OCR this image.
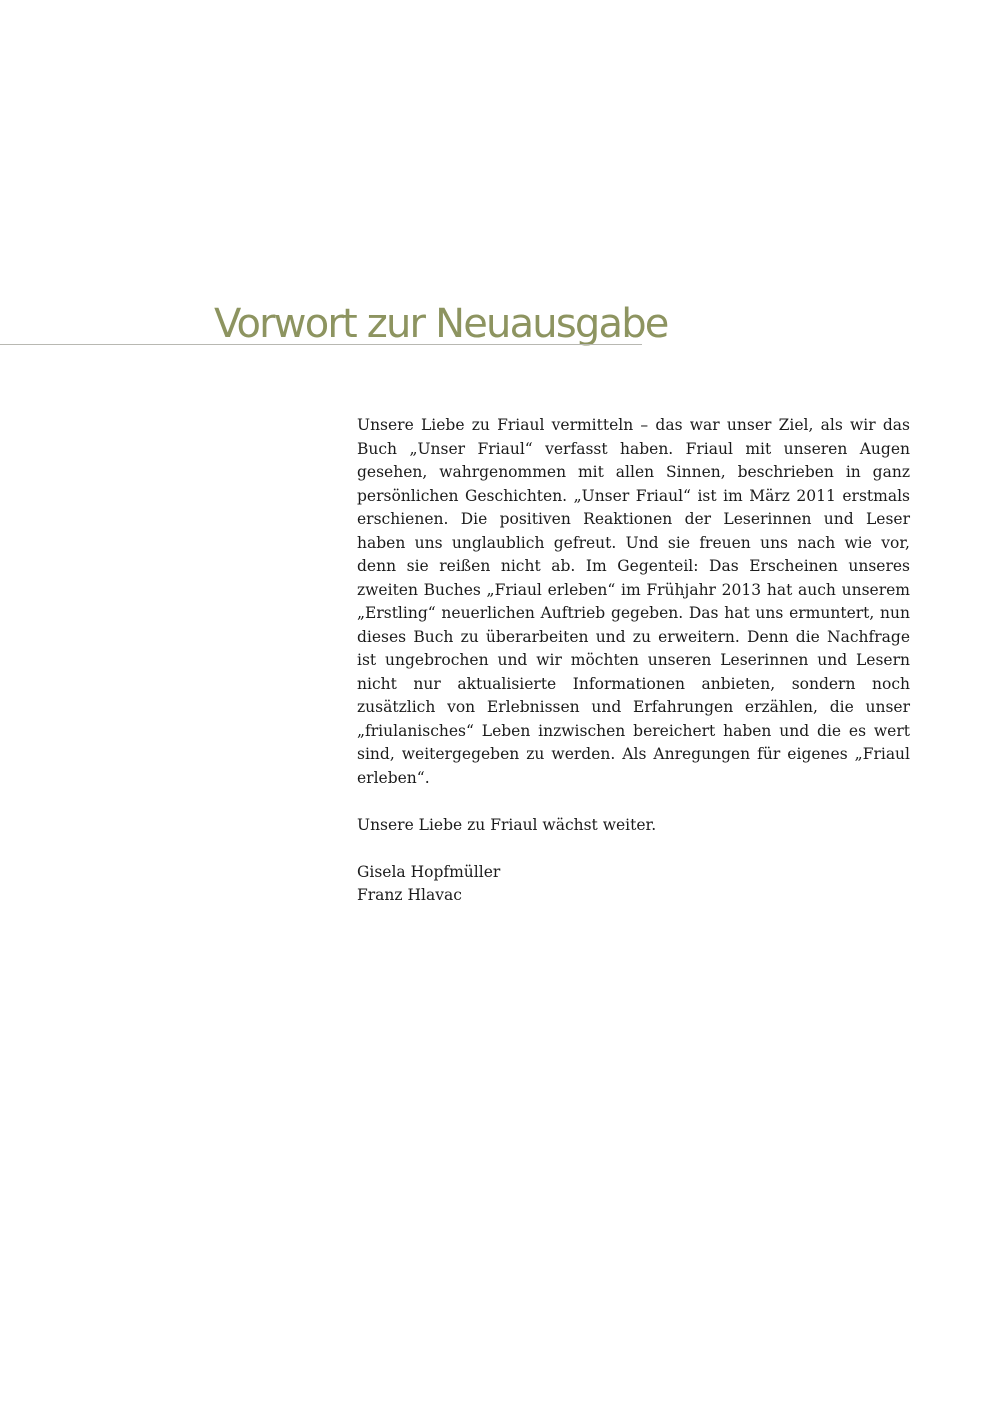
Vorwort zur Neuausgabe

Unsere Liebe zu Friaul vermitteln – das war unser Ziel, als wir das Buch „Unser Friaul“ verfasst haben. Friaul mit unseren Augen gesehen, wahrgenommen mit allen Sinnen, beschrieben in ganz persönlichen Geschichten. „Unser Friaul“ ist im März 2011 erstmals erschienen. Die positiven Reaktionen der Leserinnen und Leser haben uns unglaublich gefreut. Und sie freuen uns nach wie vor, denn sie reißen nicht ab. Im Gegenteil: Das Erscheinen unseres zweiten Buches „Friaul erleben“ im Frühjahr 2013 hat auch unserem „Erstling“ neuerlichen Auftrieb gegeben. Das hat uns ermuntert, nun dieses Buch zu überarbeiten und zu erweitern. Denn die Nachfrage ist ungebrochen und wir möchten unseren Leserinnen und Lesern nicht nur aktualisierte Informationen anbieten, sondern noch zusätzlich von Erlebnissen und Erfahrungen erzählen, die unser „friulanisches“ Leben inzwischen bereichert haben und die es wert sind, weitergegeben zu werden. Als Anregungen für eigenes „Friaul erleben“.

Unsere Liebe zu Friaul wächst weiter.

Gisela Hopfmüller

Franz Hlavac
